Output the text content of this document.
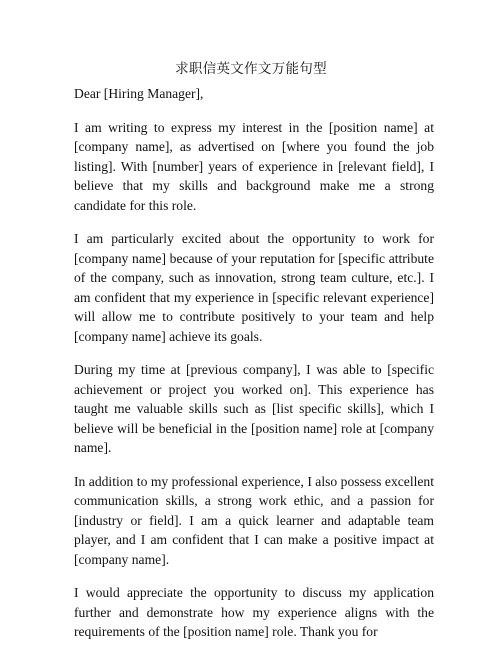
求职信英文作文万能句型

Dear [Hiring Manager],

I am writing to express my interest in the [position name] at [company name], as advertised on [where you found the job listing]. With [number] years of experience in [relevant field], I believe that my skills and background make me a strong candidate for this role.

I am particularly excited about the opportunity to work for [company name] because of your reputation for [specific attribute of the company, such as innovation, strong team culture, etc.]. I am confident that my experience in [specific relevant experience] will allow me to contribute positively to your team and help [company name] achieve its goals.

During my time at [previous company], I was able to [specific achievement or project you worked on]. This experience has taught me valuable skills such as [list specific skills], which I believe will be beneficial in the [position name] role at [company name].

In addition to my professional experience, I also possess excellent communication skills, a strong work ethic, and a passion for [industry or field]. I am a quick learner and adaptable team player, and I am confident that I can make a positive impact at [company name].

I would appreciate the opportunity to discuss my application further and demonstrate how my experience aligns with the requirements of the [position name] role. Thank you for
